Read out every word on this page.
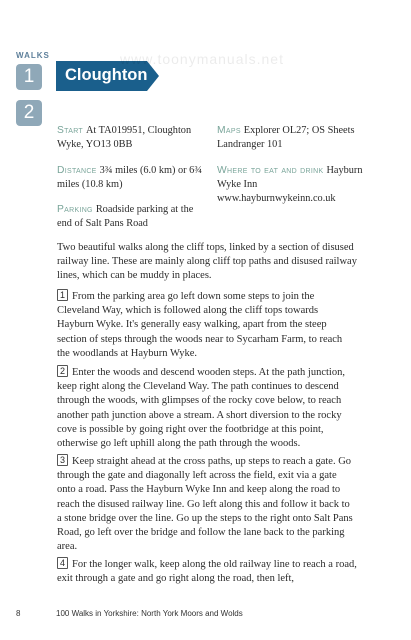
WALKS
1
2
Cloughton
www.toonymanuals.net
Start At TA019951, Cloughton Wyke, YO13 0BB
Maps Explorer OL27; OS Sheets Landranger 101
Distance 3¾ miles (6.0 km) or 6¾ miles (10.8 km)
Where to eat and drink Hayburn Wyke Inn
www.hayburnwykeinn.co.uk
Parking Roadside parking at the end of Salt Pans Road

Two beautiful walks along the cliff tops, linked by a section of disused railway line. These are mainly along cliff top paths and disused railway lines, which can be muddy in places.

1 From the parking area go left down some steps to join the Cleveland Way, which is followed along the cliff tops towards Hayburn Wyke. It's generally easy walking, apart from the steep section of steps through the woods near to Sycarham Farm, to reach the woodlands at Hayburn Wyke.

2 Enter the woods and descend wooden steps. At the path junction, keep right along the Cleveland Way. The path continues to descend through the woods, with glimpses of the rocky cove below, to reach another path junction above a stream. A short diversion to the rocky cove is possible by going right over the footbridge at this point, otherwise go left uphill along the path through the woods.

3 Keep straight ahead at the cross paths, up steps to reach a gate. Go through the gate and diagonally left across the field, exit via a gate onto a road. Pass the Hayburn Wyke Inn and keep along the road to reach the disused railway line. Go left along this and follow it back to a stone bridge over the line. Go up the steps to the right onto Salt Pans Road, go left over the bridge and follow the lane back to the parking area.

4 For the longer walk, keep along the old railway line to reach a road, exit through a gate and go right along the road, then left,

8	100 Walks in Yorkshire: North York Moors and Wolds
